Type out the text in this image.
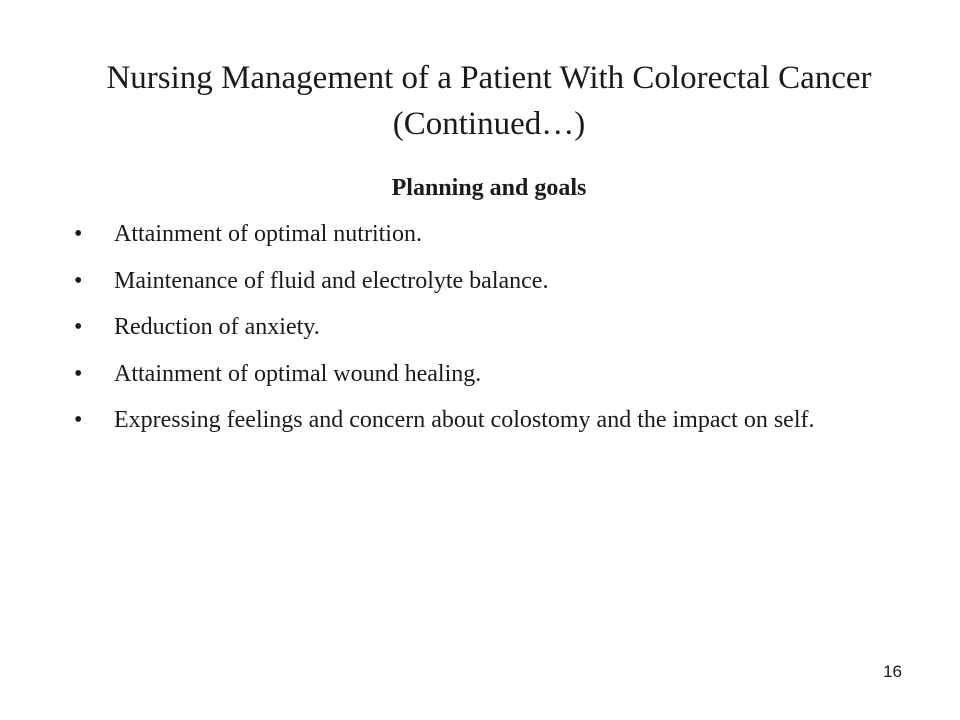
Nursing Management of a Patient With Colorectal Cancer (Continued…)
Planning and goals
• Attainment of optimal nutrition.
• Maintenance of fluid and electrolyte balance.
• Reduction of anxiety.
• Attainment of optimal wound healing.
• Expressing feelings and concern about colostomy and the impact on self.
16
